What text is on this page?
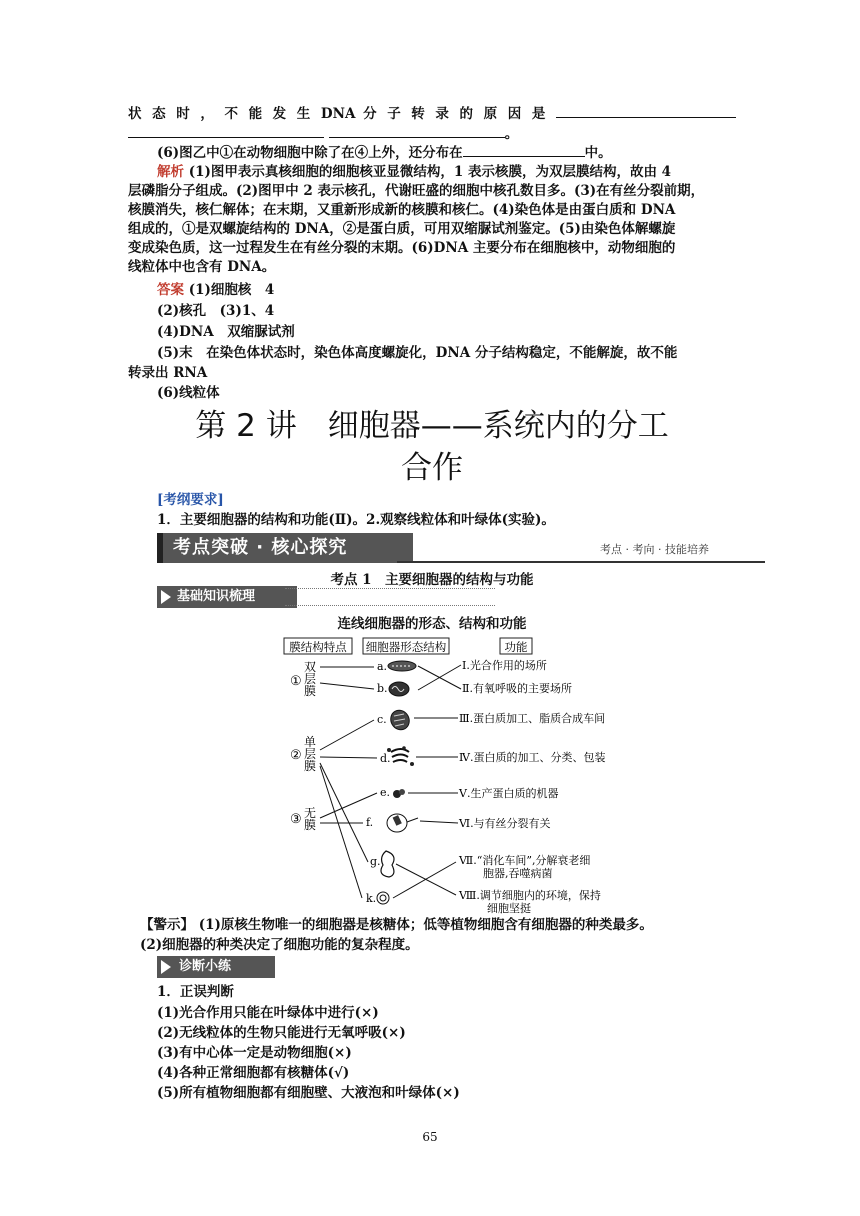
状 态 时 ， 不 能 发 生 DNA 分 子 转 录 的 原 因 是
。
(6)图乙中①在动物细胞中除了在④上外，还分布在	中。
解析 (1)图甲表示真核细胞的细胞核亚显微结构，1 表示核膜，为双层膜结构，故由 4
层磷脂分子组成。(2)图甲中 2 表示核孔，代谢旺盛的细胞中核孔数目多。(3)在有丝分裂前期，
核膜消失，核仁解体；在末期，又重新形成新的核膜和核仁。(4)染色体是由蛋白质和 DNA
组成的，①是双螺旋结构的 DNA，②是蛋白质，可用双缩脲试剂鉴定。(5)由染色体解螺旋
变成染色质，这一过程发生在有丝分裂的末期。(6)DNA 主要分布在细胞核中，动物细胞的
线粒体中也含有 DNA。
答案 (1)细胞核　4
(2)核孔　(3)1、4
(4)DNA　双缩脲试剂
(5)末　在染色体状态时，染色体高度螺旋化，DNA 分子结构稳定，不能解旋，故不能
转录出 RNA
(6)线粒体
第 2 讲　细胞器——系统内的分工
合作
[考纲要求]
1．主要细胞器的结构和功能(Ⅱ)。2.观察线粒体和叶绿体(实验)。
考点突破 · 核心探究	考点 · 考向 · 技能培养
考点 1　主要细胞器的结构与功能
基础知识梳理
连线细胞器的形态、结构和功能
膜结构特点 细胞器形态结构	功能
双
① 层
膜
单
② 层
膜
③ 无
膜
a.
b.
c.
d.
e.
f.
g.
k.
Ⅰ.光合作用的场所
Ⅱ.有氧呼吸的主要场所
Ⅲ.蛋白质加工、脂质合成车间
Ⅳ.蛋白质的加工、分类、包装
Ⅴ.生产蛋白质的机器
Ⅵ.与有丝分裂有关
Ⅶ.“消化车间”,分解衰老细
胞器,吞噬病菌
Ⅷ.调节细胞内的环境，保持
细胞坚挺
【警示】 (1)原核生物唯一的细胞器是核糖体；低等植物细胞含有细胞器的种类最多。
(2)细胞器的种类决定了细胞功能的复杂程度。
诊断小练
1．正误判断
(1)光合作用只能在叶绿体中进行(×)
(2)无线粒体的生物只能进行无氧呼吸(×)
(3)有中心体一定是动物细胞(×)
(4)各种正常细胞都有核糖体(√)
(5)所有植物细胞都有细胞壁、大液泡和叶绿体(×)
65
